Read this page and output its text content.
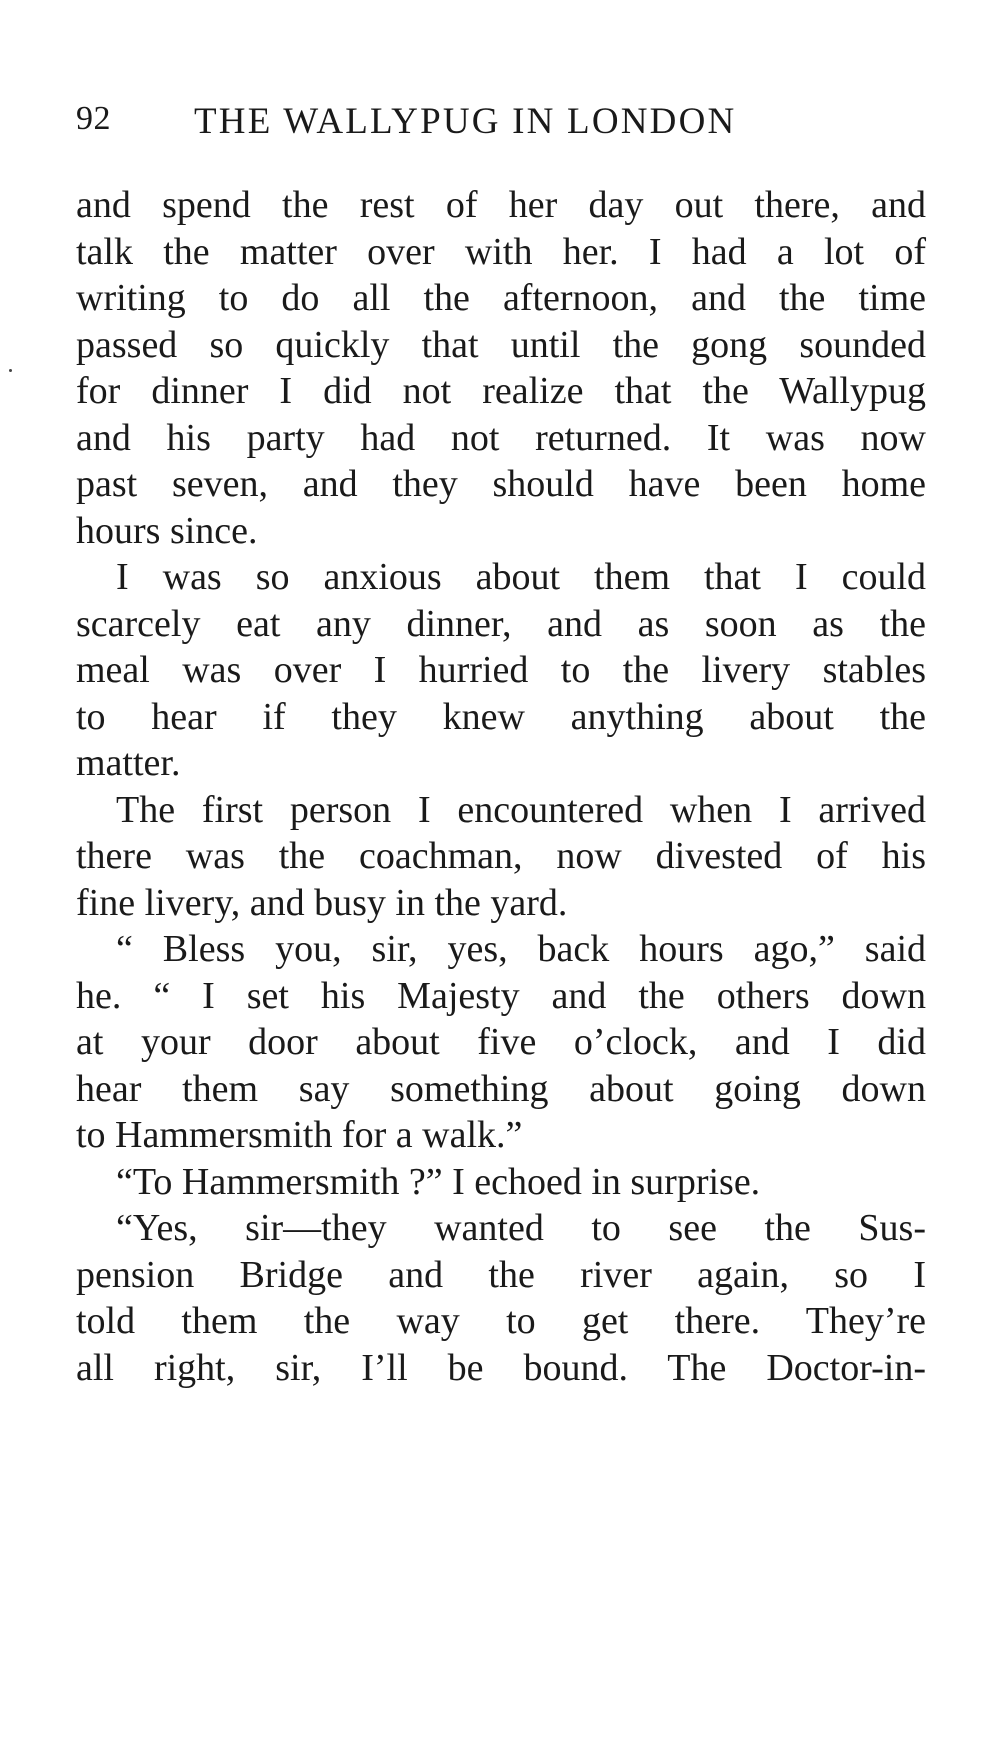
92 THE WALLYPUG IN LONDON
and spend the rest of her day out there, and
talk the matter over with her. I had a lot of
writing to do all the afternoon, and the time
passed so quickly that until the gong sounded
for dinner I did not realize that the Wallypug
and his party had not returned. It was now
past seven, and they should have been home
hours since.
I was so anxious about them that I could
scarcely eat any dinner, and as soon as the
meal was over I hurried to the livery stables
to hear if they knew anything about the
matter.
The first person I encountered when I arrived
there was the coachman, now divested of his
fine livery, and busy in the yard.
“ Bless you, sir, yes, back hours ago,” said
he. “ I set his Majesty and the others down
at your door about five o’clock, and I did
hear them say something about going down
to Hammersmith for a walk.”
“To Hammersmith ?” I echoed in surprise.
“Yes, sir—they wanted to see the Sus-
pension Bridge and the river again, so I
told them the way to get there. They’re
all right, sir, I’ll be bound. The Doctor-in-
